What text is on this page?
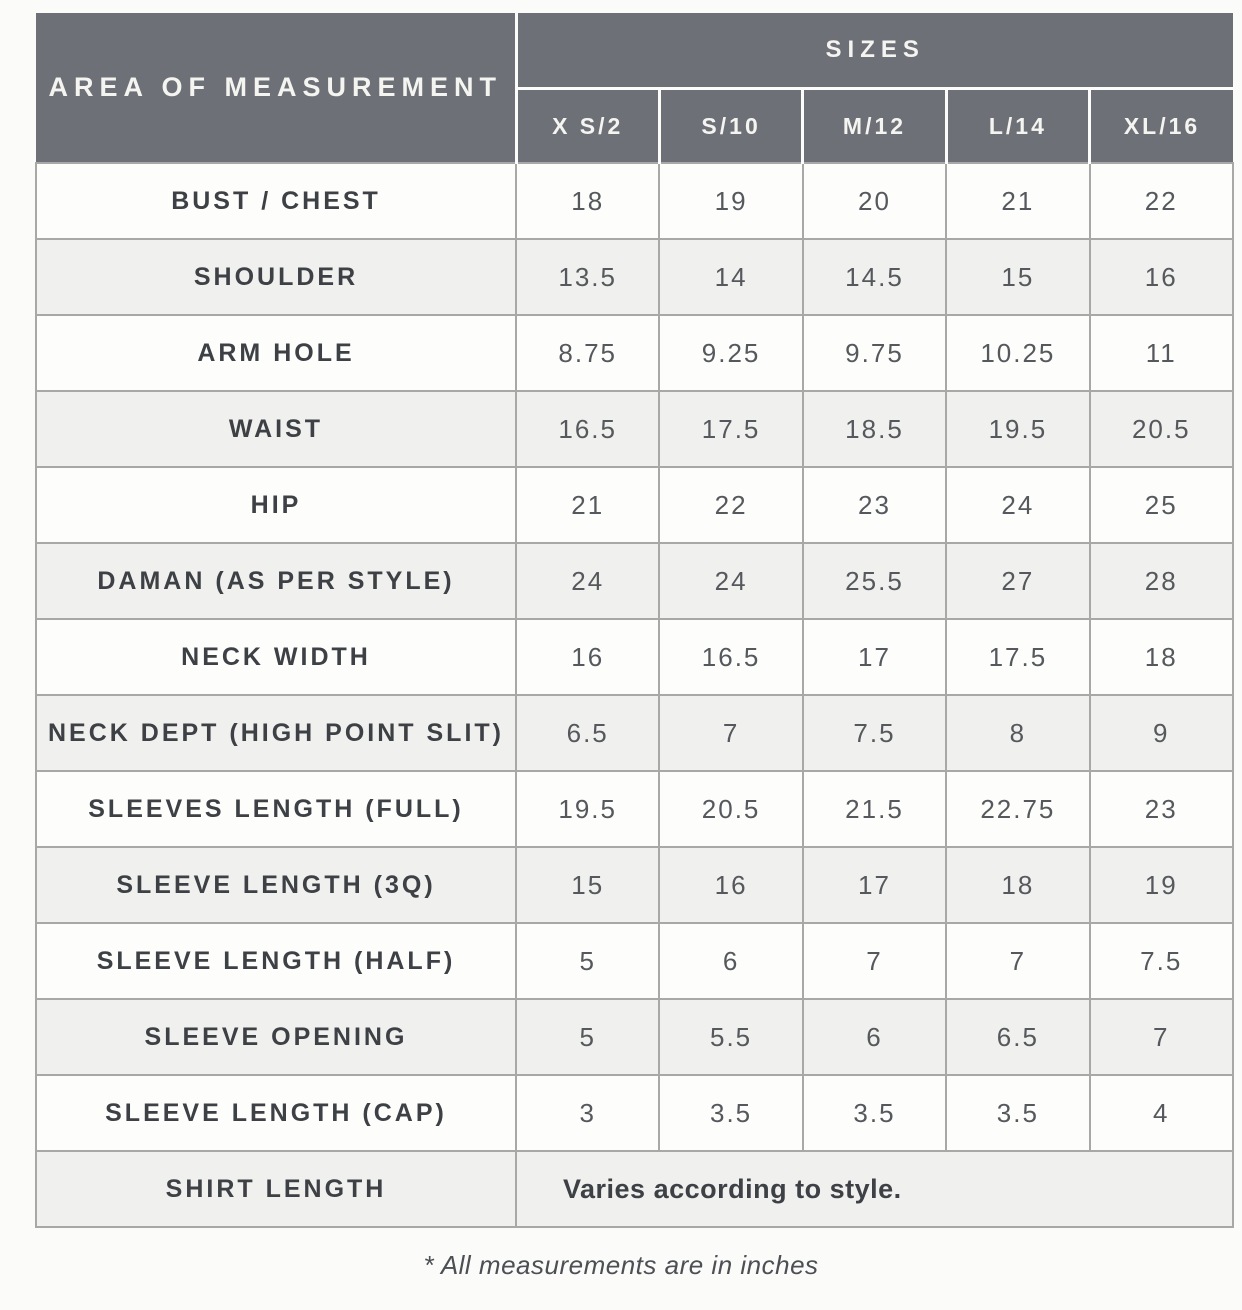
AREA OF MEASUREMENT	SIZES				
	X S/2	S/10	M/12	L/14	XL/16
BUST / CHEST	18	19	20	21	22
SHOULDER	13.5	14	14.5	15	16
ARM HOLE	8.75	9.25	9.75	10.25	11
WAIST	16.5	17.5	18.5	19.5	20.5
HIP	21	22	23	24	25
DAMAN (AS PER STYLE)	24	24	25.5	27	28
NECK WIDTH	16	16.5	17	17.5	18
NECK DEPT (HIGH POINT SLIT)	6.5	7	7.5	8	9
SLEEVES LENGTH (FULL)	19.5	20.5	21.5	22.75	23
SLEEVE LENGTH (3Q)	15	16	17	18	19
SLEEVE LENGTH (HALF)	5	6	7	7	7.5
SLEEVE OPENING	5	5.5	6	6.5	7
SLEEVE LENGTH (CAP)	3	3.5	3.5	3.5	4
SHIRT LENGTH	Varies according to style.				
* All measurements are in inches
